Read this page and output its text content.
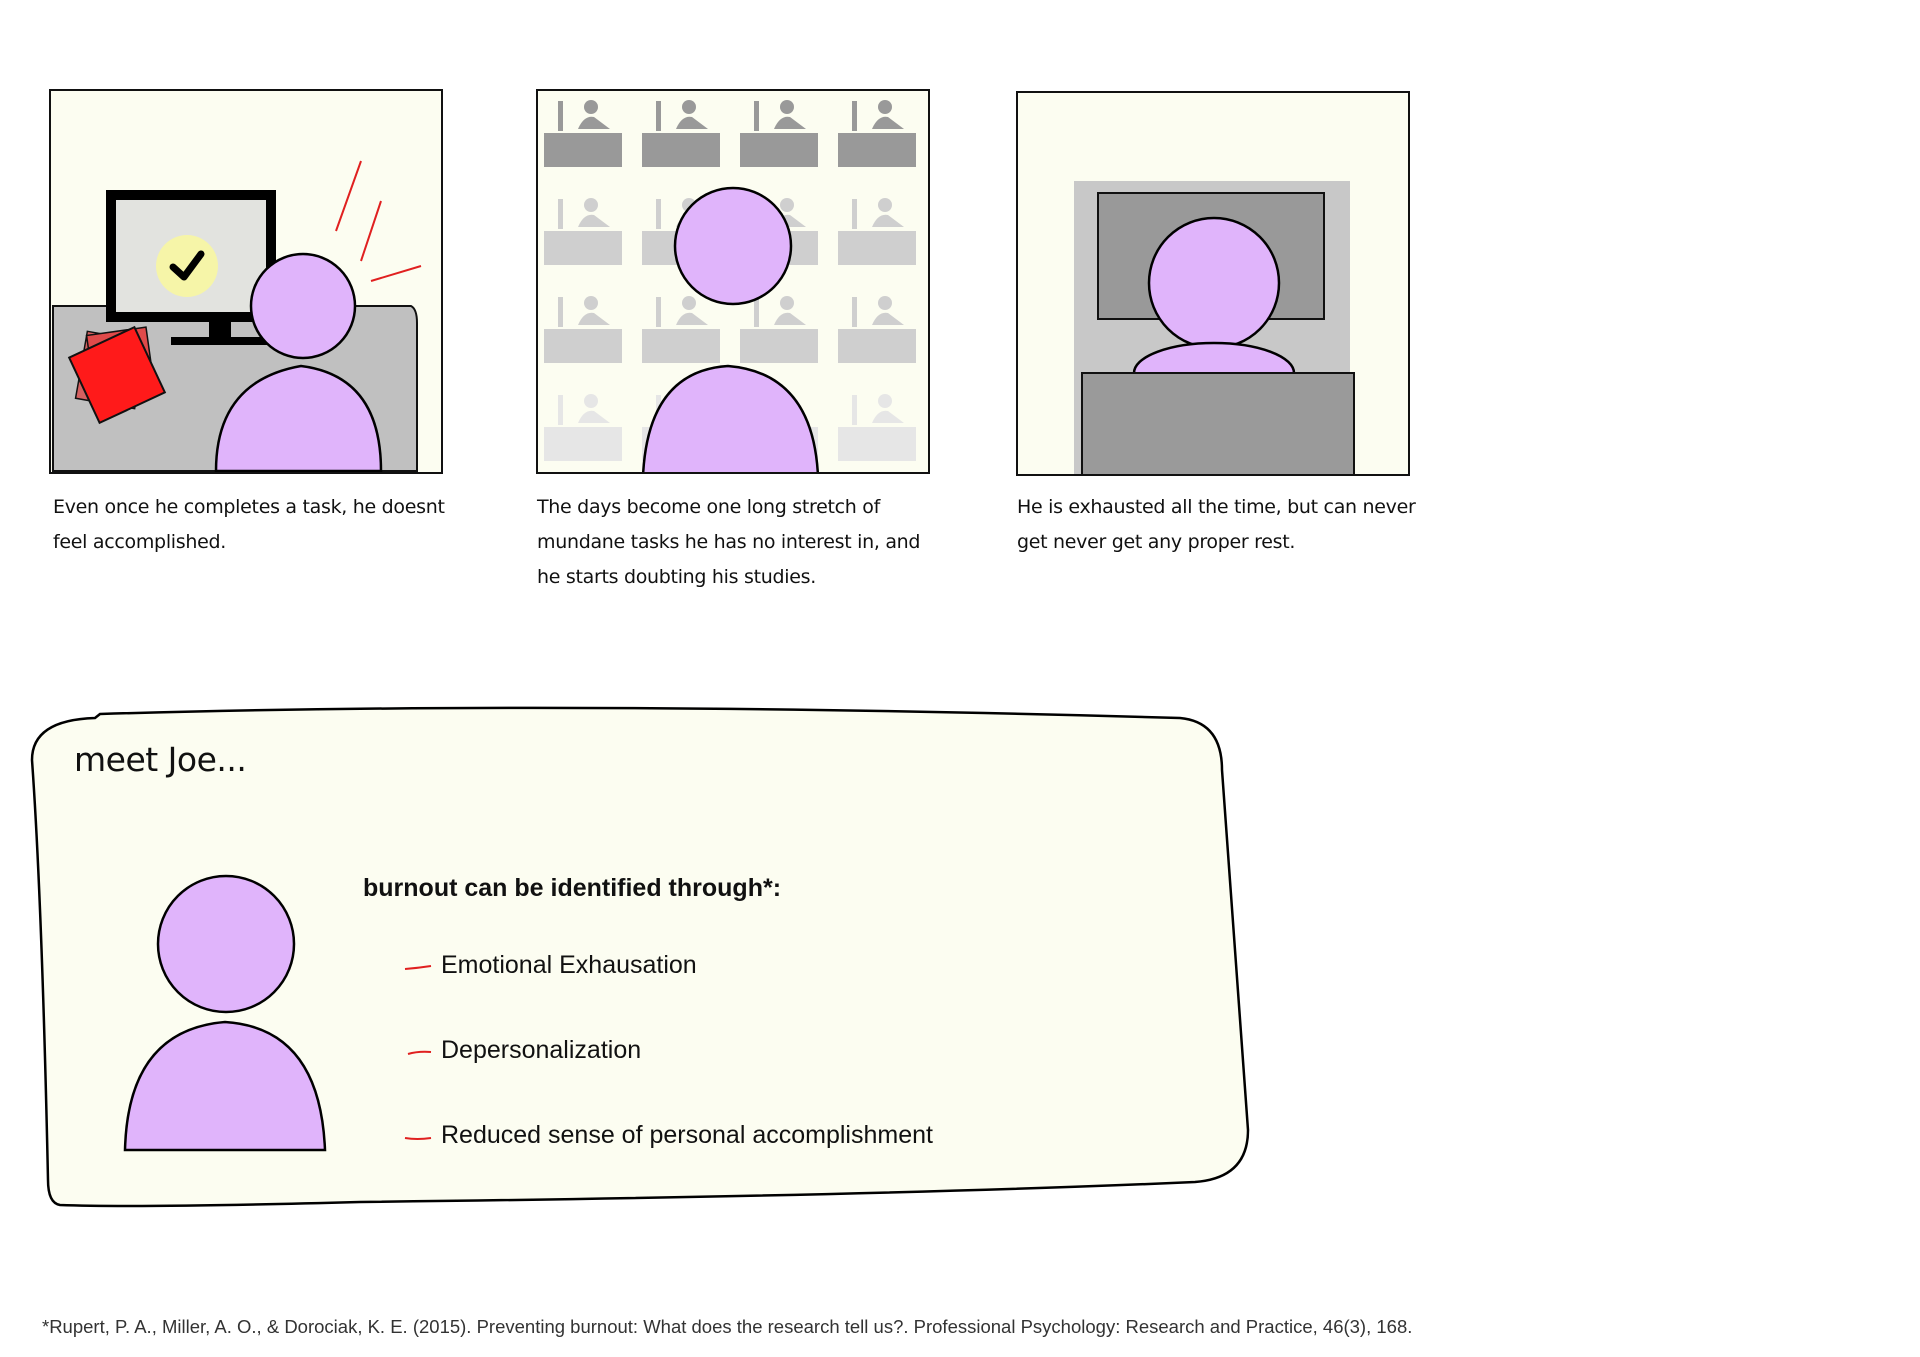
Even once he completes a task, he doesnt
feel accomplished.
The days become one long stretch of
mundane tasks he has no interest in, and
he starts doubting his studies.
He is exhausted all the time, but can never
get never get any proper rest.
meet Joe...
burnout can be identified through*:
Emotional Exhausation
Depersonalization
Reduced sense of personal accomplishment
*Rupert, P. A., Miller, A. O., & Dorociak, K. E. (2015). Preventing burnout: What does the research tell us?. Professional Psychology: Research and Practice, 46(3), 168.
